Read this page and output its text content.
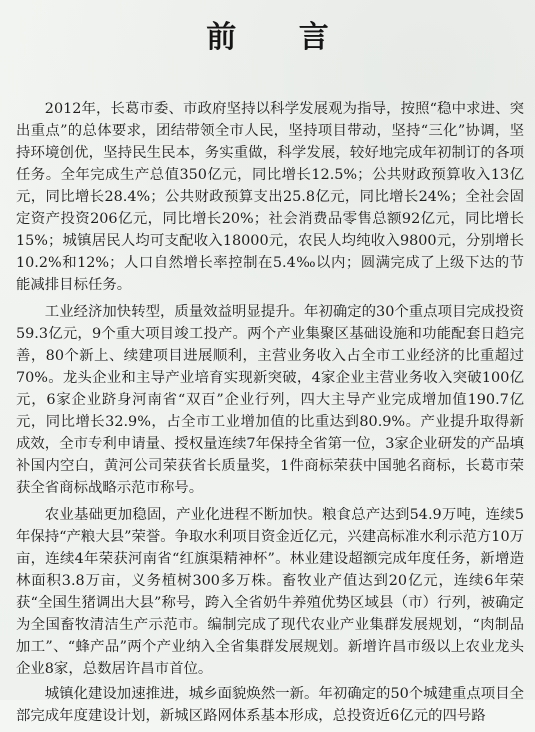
前 言

2012年，长葛市委、市政府坚持以科学发展观为指导，按照“稳中求进、突出重点”的总体要求，团结带领全市人民，坚持项目带动，坚持“三化”协调，坚持环境创优，坚持民生民本，务实重做，科学发展，较好地完成年初制订的各项任务。全年完成生产总值350亿元，同比增长12.5%；公共财政预算收入13亿元，同比增长28.4%；公共财政预算支出25.8亿元，同比增长24%；全社会固定资产投资206亿元，同比增长20%；社会消费品零售总额92亿元，同比增长15%；城镇居民人均可支配收入18000元，农民人均纯收入9800元，分别增长10.2%和12%；人口自然增长率控制在5.4‰以内；圆满完成了上级下达的节能减排目标任务。

工业经济加快转型，质量效益明显提升。年初确定的30个重点项目完成投资59.3亿元，9个重大项目竣工投产。两个产业集聚区基础设施和功能配套日趋完善，80个新上、续建项目进展顺利，主营业务收入占全市工业经济的比重超过70%。龙头企业和主导产业培育实现新突破，4家企业主营业务收入突破100亿元，6家企业跻身河南省“双百”企业行列，四大主导产业完成增加值190.7亿元，同比增长32.9%，占全市工业增加值的比重达到80.9%。产业提升取得新成效，全市专利申请量、授权量连续7年保持全省第一位，3家企业研发的产品填补国内空白，黄河公司荣获省长质量奖，1件商标荣获中国驰名商标，长葛市荣获全省商标战略示范市称号。

农业基础更加稳固，产业化进程不断加快。粮食总产达到54.9万吨，连续5年保持“产粮大县”荣誉。争取水利项目资金近亿元，兴建高标准水利示范方10万亩，连续4年荣获河南省“红旗渠精神杯”。林业建设超额完成年度任务，新增造林面积3.8万亩，义务植树300多万株。畜牧业产值达到20亿元，连续6年荣获“全国生猪调出大县”称号，跨入全省奶牛养殖优势区域县（市）行列，被确定为全国畜牧清洁生产示范市。编制完成了现代农业产业集群发展规划，“肉制品加工”、“蜂产品”两个产业纳入全省集群发展规划。新增许昌市级以上农业龙头企业8家，总数居许昌市首位。

城镇化建设加速推进，城乡面貌焕然一新。年初确定的50个城建重点项目全部完成年度建设计划，新城区路网体系基本形成，总投资近6亿元的四号路
